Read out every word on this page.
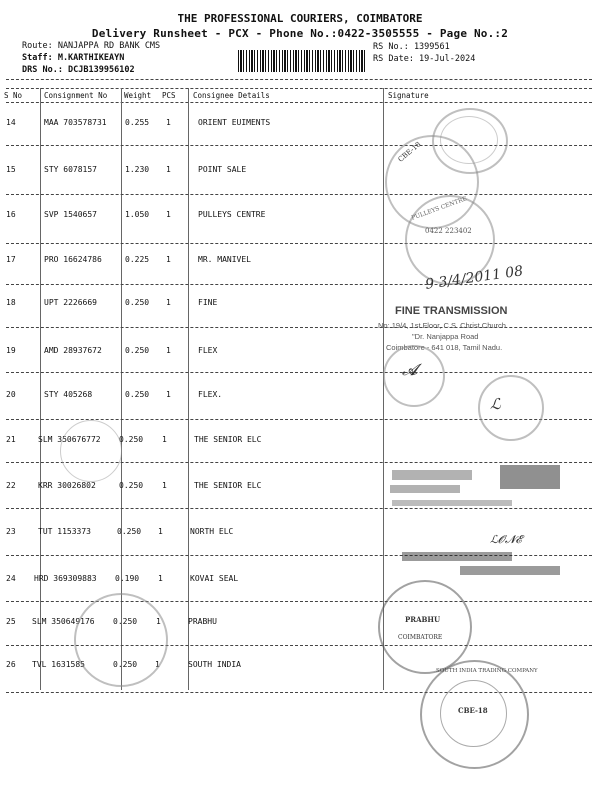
THE PROFESSIONAL COURIERS, COIMBATORE
Delivery Runsheet - PCX - Phone No.:0422-3505555 - Page No.:2
Route: NANJAPPA RD BANK CMS
Staff: M.KARTHIKEAYN
DRS No.: DCJB139956102
RS No.: 1399561
RS Date: 19-Jul-2024
S No	Consignment No Weight PCS Consignee Details	Signature
14	MAA 703578731 0.255 1	ORIENT EUIMENTS
15	STY 6078157	1.230 1	POINT SALE
16	SVP 1540657	1.050 1	PULLEYS CENTRE
17	PRO 16624786	0.225 1	MR. MANIVEL
18	UPT 2226669	0.250 1	FINE
19	AMD 28937672	0.250 1	FLEX
20	STY 405268	0.250 1	FLEX.
21	SLM 350676772 0.250 1	THE SENIOR ELC
22	KRR 30026802	0.250 1	THE SENIOR ELC
23	TUT 1153373	0.250 1	NORTH ELC
24 HRD 369309883 0.190 1	KOVAI SEAL
25 SLM 350649176 0.250 1	PRABHU
26 TVL 1631585	0.250 1	SOUTH INDIA
CBE-18
0422 223402
PULLEYS CENTRE
9 3/4/2011 08
FINE TRANSMISSION
No: 19/4, 1st Floor, C.S. Christ Church
"Dr. Nanjappa Road
Coimbatore - 641 018, Tamil Nadu.
𝓐
ℒ
ℒ𝓞𝓝𝓔
PRABHU
COIMBATORE
CBE-18
SOUTH INDIA TRADING COMPANY
